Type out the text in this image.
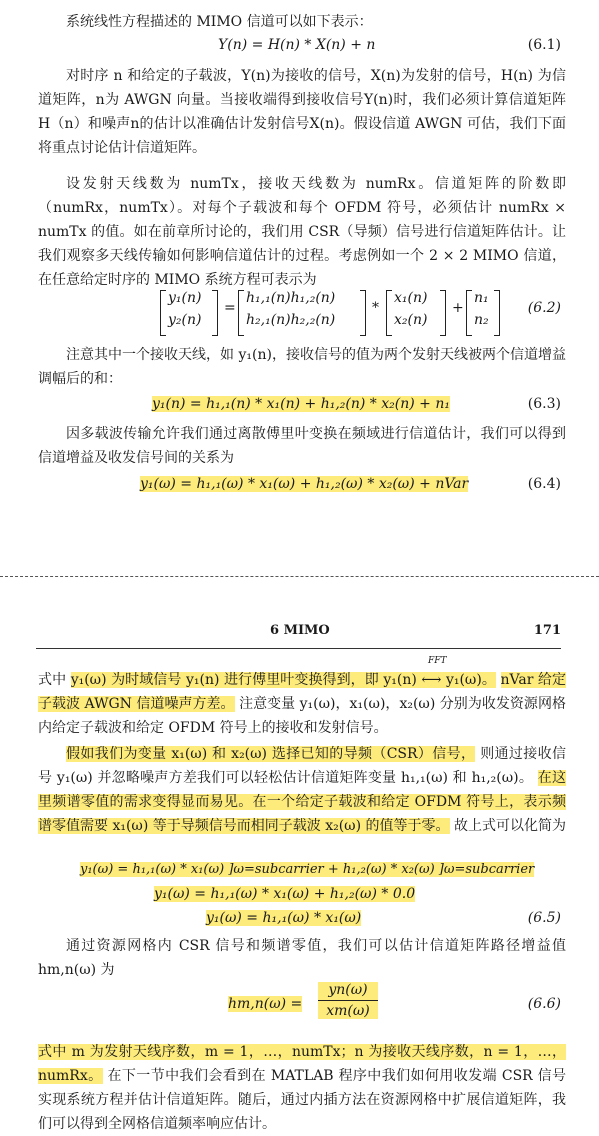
系统线性方程描述的 MIMO 信道可以如下表示：

Y(n) = H(n) * X(n) + n	(6.1)

对时序 n 和给定的子载波，Y(n)为接收的信号，X(n)为发射的信号，H(n) 为信道矩阵，n为 AWGN 向量。当接收端得到接收信号Y(n)时，我们必须计算信道矩阵 H（n）和噪声n的估计以准确估计发射信号X(n)。假设信道 AWGN 可估，我们下面将重点讨论估计信道矩阵。

设发射天线数为 numTx，接收天线数为 numRx。信道矩阵的阶数即（numRx，numTx）。对每个子载波和每个 OFDM 符号，必须估计 numRx × numTx 的值。如在前章所讨论的，我们用 CSR（导频）信号进行信道矩阵估计。让我们观察多天线传输如何影响信道估计的过程。考虑例如一个 2 × 2 MIMO 信道，在任意给定时序的 MIMO 系统方程可表示为

y₁(n)
y₂(n)
=
h₁,₁(n)h₁,₂(n)
h₂,₁(n)h₂,₂(n)
*
x₁(n)
x₂(n)
+
n₁
n₂
(6.2)

注意其中一个接收天线，如 y₁(n)，接收信号的值为两个发射天线被两个信道增益调幅后的和：

y₁(n) = h₁,₁(n) * x₁(n) + h₁,₂(n) * x₂(n) + n₁	(6.3)

因多载波传输允许我们通过离散傅里叶变换在频域进行信道估计，我们可以得到信道增益及收发信号间的关系为

y₁(ω) = h₁,₁(ω) * x₁(ω) + h₁,₂(ω) * x₂(ω) + nVar	(6.4)
6 MIMO	171

式中 y₁(ω) 为时域信号 y₁(n) 进行傅里叶变换得到，即 y₁(n) ⟷ y₁(ω)。 nVar 给定子载波 AWGN 信道噪声方差。 注意变量 y₁(ω)，x₁(ω)，x₂(ω) 分别为收发资源网格内给定子载波和给定 OFDM 符号上的接收和发射信号。

FFT

假如我们为变量 x₁(ω) 和 x₂(ω) 选择已知的导频（CSR）信号， 则通过接收信号 y₁(ω) 并忽略噪声方差我们可以轻松估计信道矩阵变量 h₁,₁(ω) 和 h₁,₂(ω)。 在这里频谱零值的需求变得显而易见。在一个给定子载波和给定 OFDM 符号上，表示频谱零值需要 x₁(ω) 等于导频信号而相同子载波 x₂(ω) 的值等于零。 故上式可以化简为

y₁(ω) = h₁,₁(ω) * x₁(ω) ]ω=subcarrier + h₁,₂(ω) * x₂(ω) ]ω=subcarrier
y₁(ω) = h₁,₁(ω) * x₁(ω) + h₁,₂(ω) * 0.0
y₁(ω) = h₁,₁(ω) * x₁(ω)	(6.5)

通过资源网格内 CSR 信号和频谱零值，我们可以估计信道矩阵路径增益值 hm,n(ω) 为

hm,n(ω) =
yn(ω)
xm(ω)	(6.6)

式中 m 为发射天线序数，m = 1，…，numTx；n 为接收天线序数，n = 1，…，numRx。 在下一节中我们会看到在 MATLAB 程序中我们如何用收发端 CSR 信号实现系统方程并估计信道矩阵。随后，通过内插方法在资源网格中扩展信道矩阵，我们可以得到全网格信道频率响应估计。
